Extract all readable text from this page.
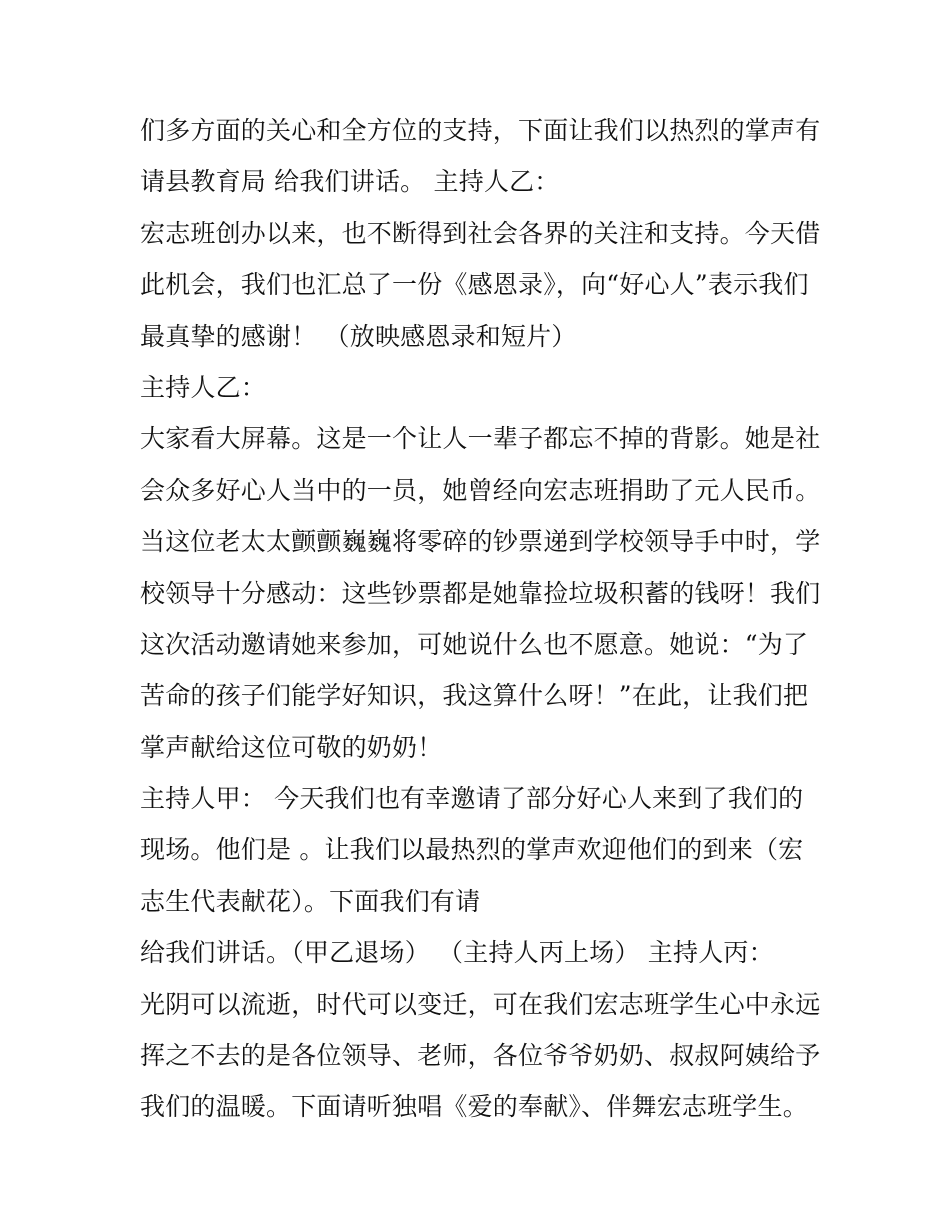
们多方面的关心和全方位的支持，下面让我们以热烈的掌声有
请县教育局 给我们讲话。 主持人乙：
宏志班创办以来，也不断得到社会各界的关注和支持。今天借
此机会，我们也汇总了一份《感恩录》，向“好心人”表示我们
最真挚的感谢！ （放映感恩录和短片）
主持人乙：
大家看大屏幕。这是一个让人一辈子都忘不掉的背影。她是社
会众多好心人当中的一员，她曾经向宏志班捐助了元人民币。
当这位老太太颤颤巍巍将零碎的钞票递到学校领导手中时，学
校领导十分感动：这些钞票都是她靠捡垃圾积蓄的钱呀！我们
这次活动邀请她来参加，可她说什么也不愿意。她说：“为了
苦命的孩子们能学好知识，我这算什么呀！”在此，让我们把
掌声献给这位可敬的奶奶！
主持人甲： 今天我们也有幸邀请了部分好心人来到了我们的
现场。他们是 。让我们以最热烈的掌声欢迎他们的到来（宏
志生代表献花）。下面我们有请
给我们讲话。（甲乙退场） （主持人丙上场） 主持人丙：
光阴可以流逝，时代可以变迁，可在我们宏志班学生心中永远
挥之不去的是各位领导、老师，各位爷爷奶奶、叔叔阿姨给予
我们的温暖。下面请听独唱《爱的奉献》、伴舞宏志班学生。
